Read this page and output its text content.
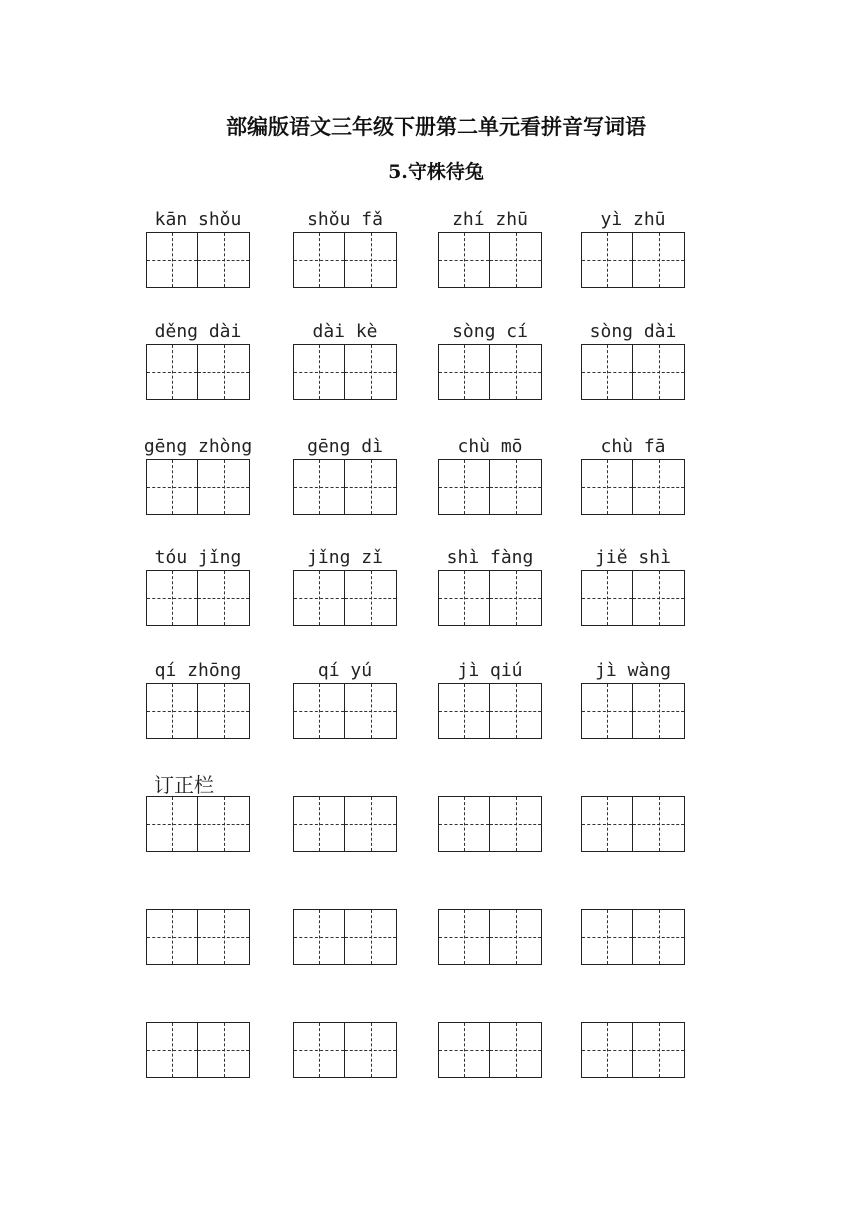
部编版语文三年级下册第二单元看拼音写词语
5.守株待兔
kān shǒu	shǒu fǎ	zhí zhū	yì zhū
děng dài	dài kè	sòng cí	sòng dài
gēng zhòng	gēng dì	chù mō	chù fā
tóu jǐng	jǐng zǐ	shì fàng	jiě shì
qí zhōng	qí yú	jì qiú	jì wàng
订正栏
